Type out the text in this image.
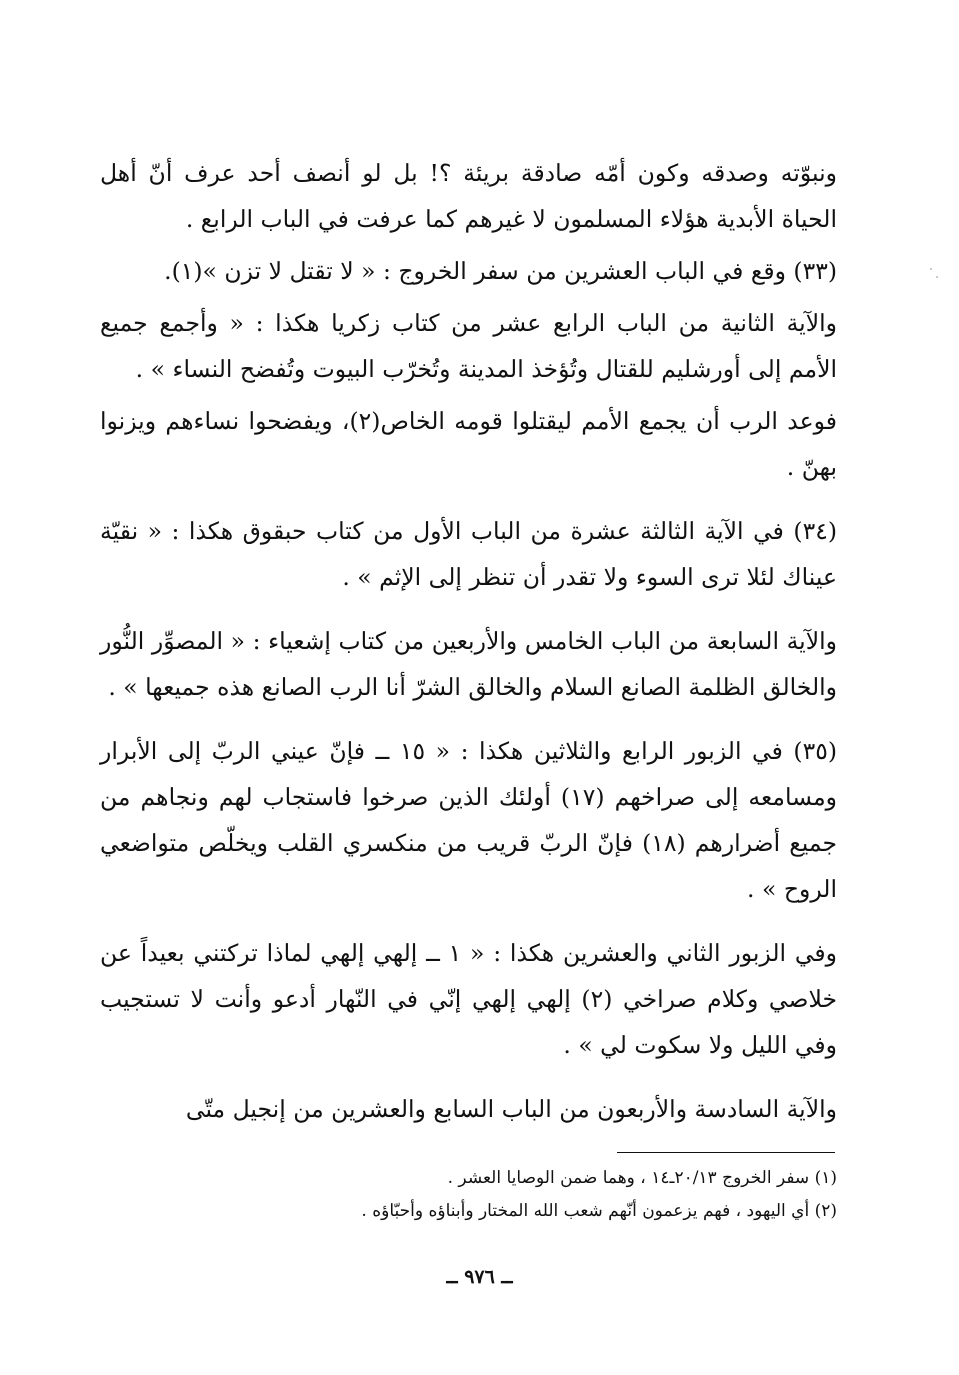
ونبوّته وصدقه وكون أمّه صادقة بريئة ؟! بل لو أنصف أحد عرف أنّ أهل الحياة الأبدية هؤلاء المسلمون لا غيرهم كما عرفت في الباب الرابع .

(٣٣) وقع في الباب العشرين من سفر الخروج : « لا تقتل لا تزن »(١).

والآية الثانية من الباب الرابع عشر من كتاب زكريا هكذا : « وأجمع جميع الأمم إلى أورشليم للقتال وتُؤخذ المدينة وتُخرّب البيوت وتُفضح النساء » .

فوعد الرب أن يجمع الأمم ليقتلوا قومه الخاص(٢)، ويفضحوا نساءهم ويزنوا بهنّ .

(٣٤) في الآية الثالثة عشرة من الباب الأول من كتاب حبقوق هكذا : « نقيّة عيناك لئلا ترى السوء ولا تقدر أن تنظر إلى الإثم » .

والآية السابعة من الباب الخامس والأربعين من كتاب إشعياء : « المصوِّر النُّور والخالق الظلمة الصانع السلام والخالق الشرّ أنا الرب الصانع هذه جميعها » .

(٣٥) في الزبور الرابع والثلاثين هكذا : « ١٥ ــ فإنّ عيني الربّ إلى الأبرار ومسامعه إلى صراخهم (١٧) أولئك الذين صرخوا فاستجاب لهم ونجاهم من جميع أضرارهم (١٨) فإنّ الربّ قريب من منكسري القلب ويخلّص متواضعي الروح » .

وفي الزبور الثاني والعشرين هكذا : « ١ ــ إلهي إلهي لماذا تركتني بعيداً عن خلاصي وكلام صراخي (٢) إلهي إلهي إنّي في النّهار أدعو وأنت لا تستجيب وفي الليل ولا سكوت لي » .

والآية السادسة والأربعون من الباب السابع والعشرين من إنجيل متّى

(١) سفر الخروج ٢٠/١٣ـ١٤ ، وهما ضمن الوصايا العشر .

(٢) أي اليهود ، فهم يزعمون أنّهم شعب الله المختار وأبناؤه وأحبّاؤه .

ــ ٩٧٦ ــ
